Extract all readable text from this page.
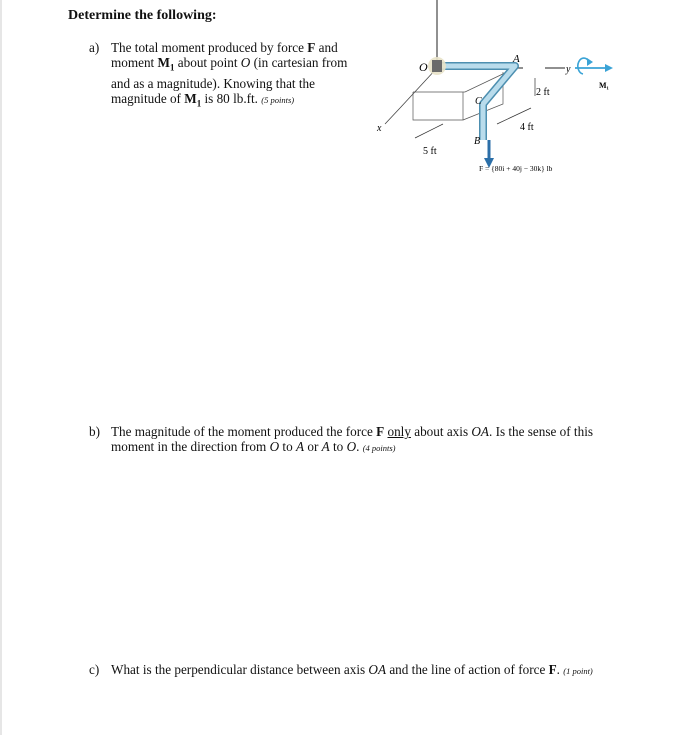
Determine the following:
a) The total moment produced by force F and
moment $M_1$ about point O (in cartesian from
and as a magnitude). Knowing that the
magnitude of $M_1$ is 80 lb.ft. (5 points)
b) The magnitude of the moment produced the force F only about axis OA. Is the sense of this
moment in the direction from O to A or A to O. (4 points)
c) What is the perpendicular distance between axis OA and the line of action of force F. (1 point)
O
A
C
B
x
y
M₁
2 ft
4 ft
5 ft
F = {80i + 40j − 30k} lb
